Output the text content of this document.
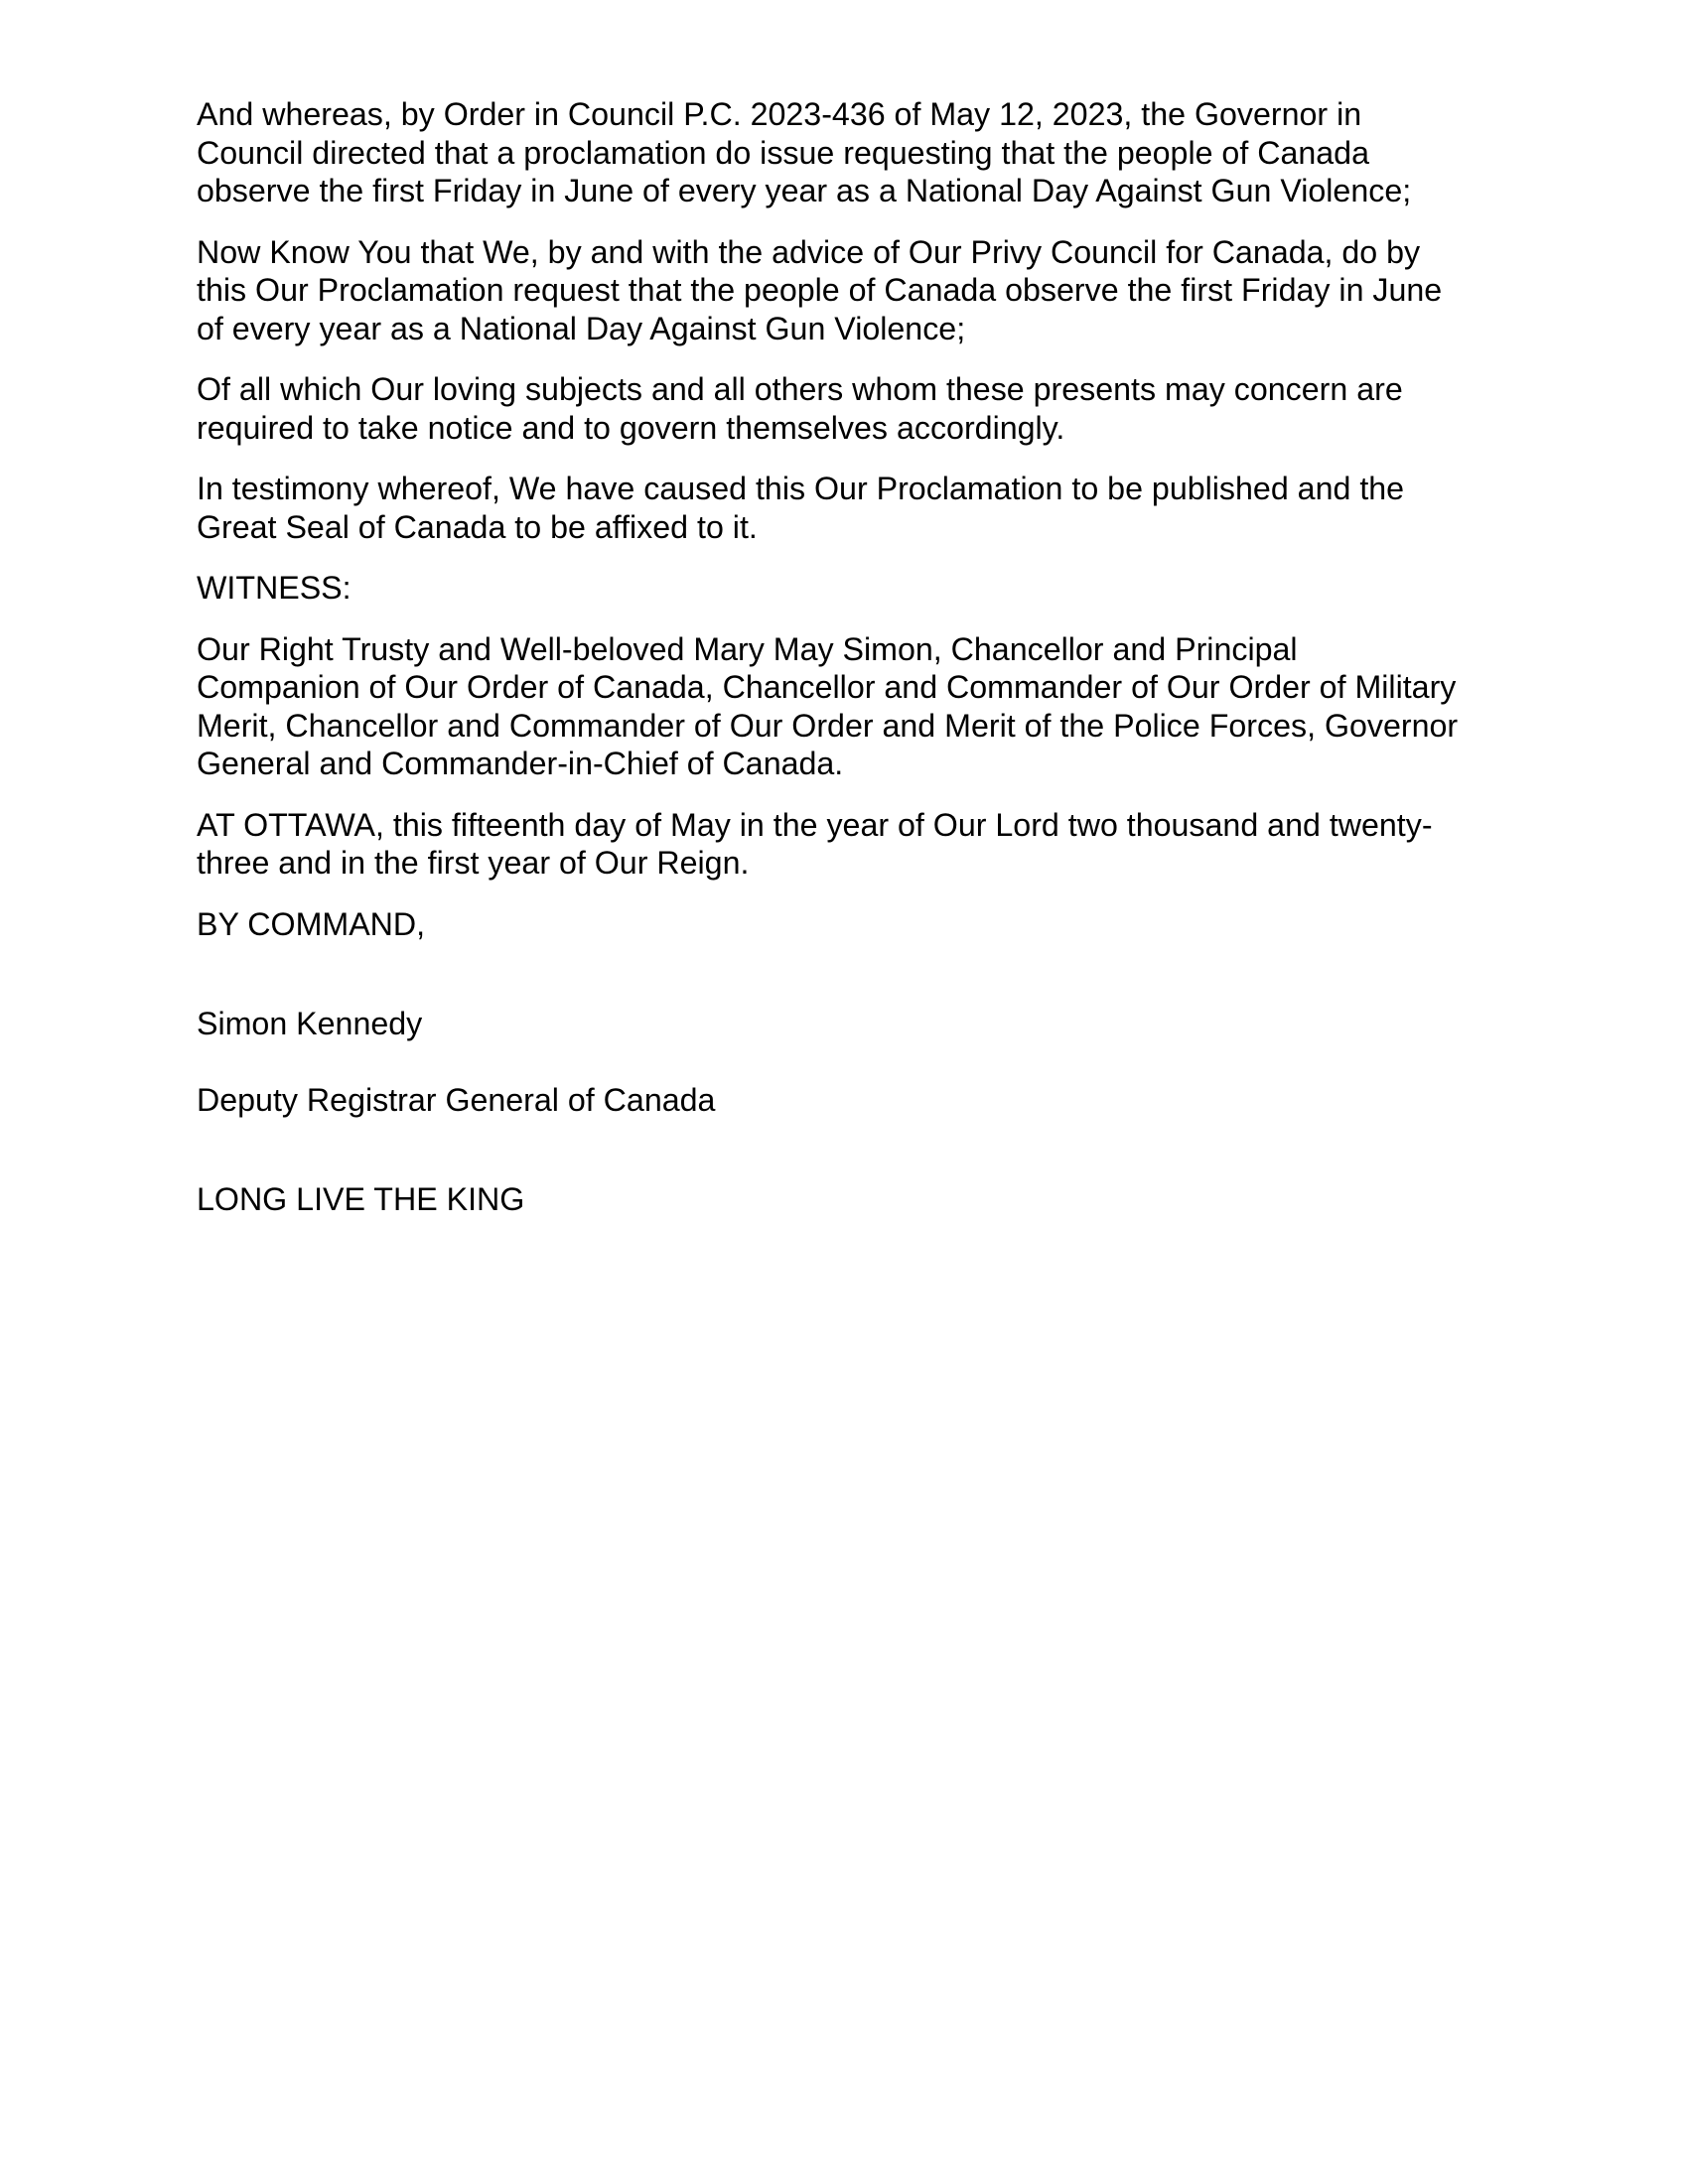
And whereas, by Order in Council P.C. 2023-436 of May 12, 2023, the Governor in
Council directed that a proclamation do issue requesting that the people of Canada
observe the first Friday in June of every year as a National Day Against Gun Violence;

Now Know You that We, by and with the advice of Our Privy Council for Canada, do by
this Our Proclamation request that the people of Canada observe the first Friday in June
of every year as a National Day Against Gun Violence;

Of all which Our loving subjects and all others whom these presents may concern are
required to take notice and to govern themselves accordingly.

In testimony whereof, We have caused this Our Proclamation to be published and the
Great Seal of Canada to be affixed to it.

WITNESS:

Our Right Trusty and Well-beloved Mary May Simon, Chancellor and Principal
Companion of Our Order of Canada, Chancellor and Commander of Our Order of Military
Merit, Chancellor and Commander of Our Order and Merit of the Police Forces, Governor
General and Commander-in-Chief of Canada.

AT OTTAWA, this fifteenth day of May in the year of Our Lord two thousand and twenty-
three and in the first year of Our Reign.

BY COMMAND,

Simon Kennedy

Deputy Registrar General of Canada

LONG LIVE THE KING
